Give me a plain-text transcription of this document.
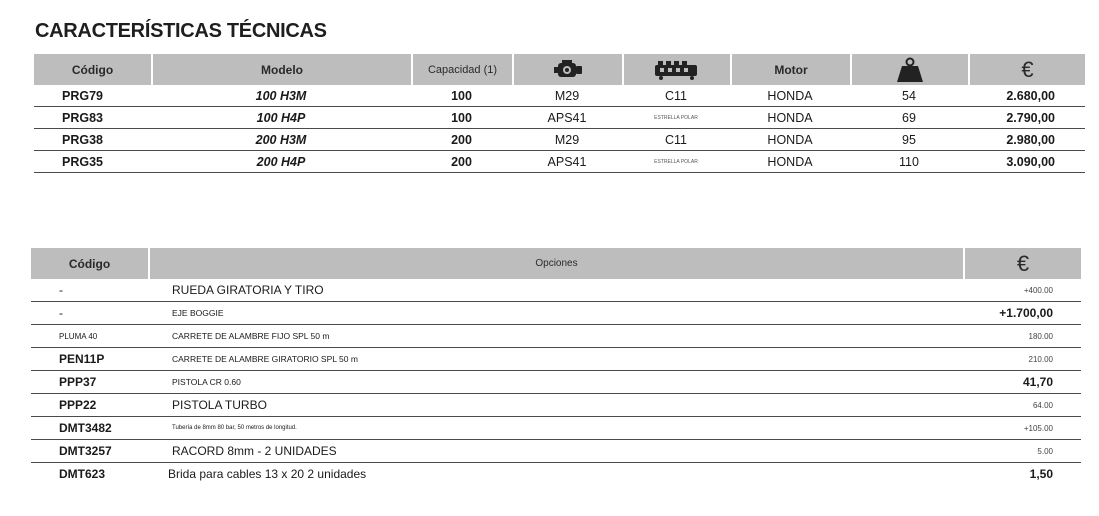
CARACTERÍSTICAS TÉCNICAS
Código	Modelo	Capacidad (1)			Motor		€
PRG79	100 H3M	100	M29	C11	HONDA	54	2.680,00
PRG83	100 H4P	100	APS41	ESTRELLA POLAR	HONDA	69	2.790,00
PRG38	200 H3M	200	M29	C11	HONDA	95	2.980,00
PRG35	200 H4P	200	APS41	ESTRELLA POLAR	HONDA	110	3.090,00
Código	Opciones	€
-	RUEDA GIRATORIA Y TIRO	+400.00
-	EJE BOGGIE	+1.700,00
PLUMA 40	CARRETE DE ALAMBRE FIJO SPL 50 m	180.00
PEN11P	CARRETE DE ALAMBRE GIRATORIO SPL 50 m	210.00
PPP37	PISTOLA CR 0.60	41,70
PPP22	PISTOLA TURBO	64.00
DMT3482	Tubería de 8mm 80 bar, 50 metros de longitud.	+105.00
DMT3257	RACORD 8mm - 2 UNIDADES	5.00
DMT623	Brida para cables 13 x 20 2 unidades	1,50
